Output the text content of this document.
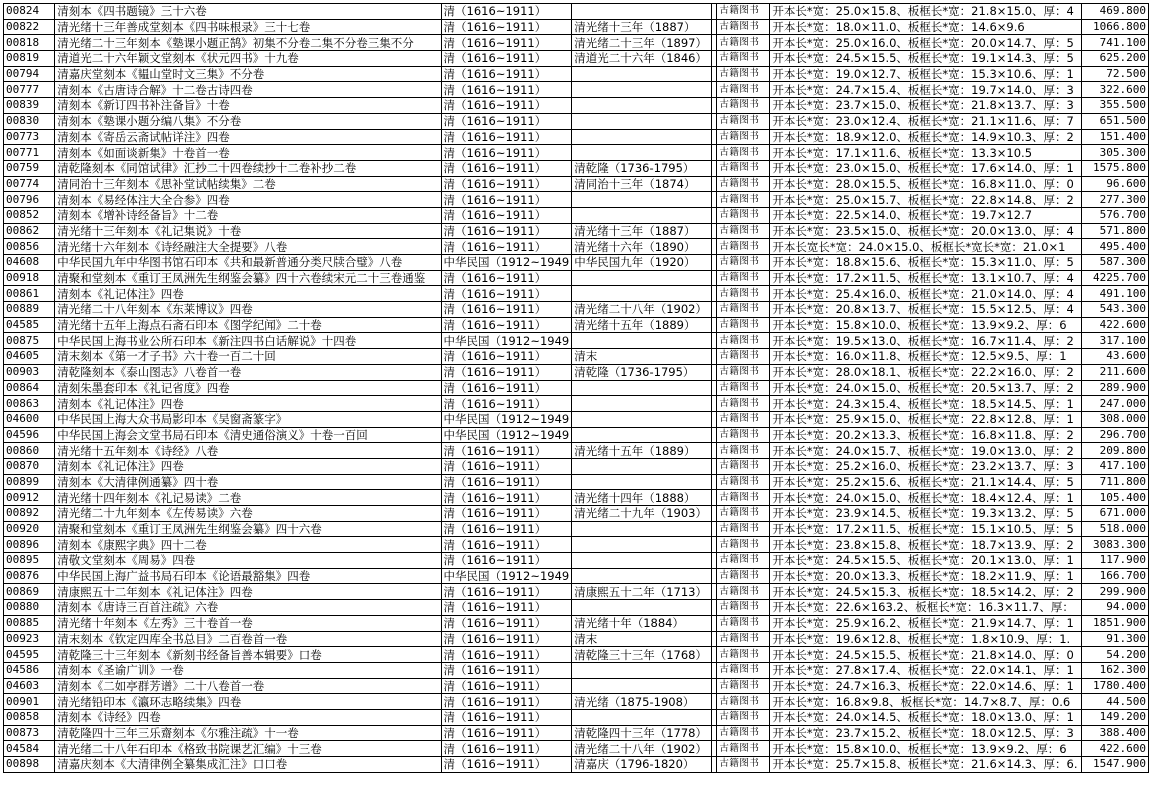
00824	清刻本《四书题镜》三十六卷	清（1616~1911）			古籍图书	开本长*宽：25.0×15.8、板框长*宽：21.8×15.0、厚：4	469.800
00822	清光绪十三年善成堂刻本《四书味根录》三十七卷	清（1616~1911）	清光绪十三年（1887）		古籍图书	开本长*宽：18.0×11.0、板框长*宽：14.6×9.6	1066.800
00818	清光绪二十三年刻本《塾课小题正鹄》初集不分卷二集不分卷三集不分	清（1616~1911）	清光绪二十三年（1897）		古籍图书	开本长*宽：25.0×16.0、板框长*宽：20.0×14.7、厚：5	741.100
00819	清道光二十六年颖文堂刻本《状元四书》十九卷	清（1616~1911）	清道光二十六年（1846）		古籍图书	开本长*宽：24.5×15.5、板框长*宽：19.1×14.3、厚：5	625.200
00794	清嘉庆堂刻本《韫山堂时文三集》不分卷	清（1616~1911）			古籍图书	开本长*宽：19.0×12.7、板框长*宽：15.3×10.6、厚：1	72.500
00777	清刻本《古唐诗合解》十二卷古诗四卷	清（1616~1911）			古籍图书	开本长*宽：24.7×15.4、板框长*宽：19.7×14.0、厚：3	322.600
00839	清刻本《新订四书补注备旨》十卷	清（1616~1911）			古籍图书	开本长*宽：23.7×15.0、板框长*宽：21.8×13.7、厚：3	355.500
00830	清刻本《塾课小题分编八集》不分卷	清（1616~1911）			古籍图书	开本长*宽：23.0×12.4、板框长*宽：21.1×11.6、厚：7	651.500
00773	清刻本《寄岳云斋试帖详注》四卷	清（1616~1911）			古籍图书	开本长*宽：18.9×12.0、板框长*宽：14.9×10.3、厚：2	151.400
00771	清刻本《如面谈新集》十卷首一卷	清（1616~1911）			古籍图书	开本长*宽：17.1×11.6、板框长*宽：13.3×10.5	305.300
00759	清乾隆刻本《同馆试律》汇抄二十四卷续抄十二卷补抄二卷	清（1616~1911）	清乾隆（1736-1795）		古籍图书	开本长*宽：23.0×15.0、板框长*宽：17.6×14.0、厚：1	1575.800
00774	清同治十三年刻本《思补堂试帖续集》二卷	清（1616~1911）	清同治十三年（1874）		古籍图书	开本长*宽：28.0×15.5、板框长*宽：16.8×11.0、厚：0	96.600
00796	清刻本《易经体注大全合参》四卷	清（1616~1911）			古籍图书	开本长*宽：25.0×15.7、板框长*宽：22.8×14.8、厚：2	277.300
00852	清刻本《增补诗经备旨》十二卷	清（1616~1911）			古籍图书	开本长*宽：22.5×14.0、板框长*宽：19.7×12.7	576.700
00862	清光绪十三年刻本《礼记集说》十卷	清（1616~1911）	清光绪十三年（1887）		古籍图书	开本长*宽：23.5×15.0、板框长*宽：20.0×13.0、厚：4	571.800
00856	清光绪十六年刻本《诗经融注大全提要》八卷	清（1616~1911）	清光绪十六年（1890）		古籍图书	开本长宽长*宽：24.0×15.0、板框长*宽长*宽：21.0×1	495.400
04608	中华民国九年中华图书馆石印本《共和最新普通分类尺牍合璧》八卷	中华民国（1912~1949	中华民国九年（1920）		古籍图书	开本长*宽：18.8×15.6、板框长*宽：15.3×11.0、厚：5	587.300
00918	清聚和堂刻本《重订王凤洲先生纲鉴会纂》四十六卷续宋元二十三卷通鉴	清（1616~1911）			古籍图书	开本长*宽：17.2×11.5、板框长*宽：13.1×10.7、厚：4	4225.700
00861	清刻本《礼记体注》四卷	清（1616~1911）			古籍图书	开本长*宽：25.4×16.0、板框长*宽：21.0×14.0、厚：4	491.100
00889	清光绪二十八年刻本《东莱博议》四卷	清（1616~1911）	清光绪二十八年（1902）		古籍图书	开本长*宽：20.8×13.7、板框长*宽：15.5×12.5、厚：4	543.300
04585	清光绪十五年上海点石斋石印本《图学纪闻》二十卷	清（1616~1911）	清光绪十五年（1889）		古籍图书	开本长*宽：15.8×10.0、板框长*宽：13.9×9.2、厚：6	422.600
00875	中华民国上海书业公所石印本《新注四书白话解说》十四卷	中华民国（1912~1949			古籍图书	开本长*宽：19.5×13.0、板框长*宽：16.7×11.4、厚：2	317.100
04605	清末刻本《第一才子书》六十卷一百二十回	清（1616~1911）	清末		古籍图书	开本长*宽：16.0×11.8、板框长*宽：12.5×9.5、厚：1	43.600
00903	清乾隆刻本《泰山图志》八卷首一卷	清（1616~1911）	清乾隆（1736-1795）		古籍图书	开本长*宽：28.0×18.1、板框长*宽：22.2×16.0、厚：2	211.600
00864	清刻朱墨套印本《礼记省度》四卷	清（1616~1911）			古籍图书	开本长*宽：24.0×15.0、板框长*宽：20.5×13.7、厚：2	289.900
00863	清刻本《礼记体注》四卷	清（1616~1911）			古籍图书	开本长*宽：24.3×15.4、板框长*宽：18.5×14.5、厚：1	247.000
04600	中华民国上海大众书局影印本《吴窗斋篆字》	中华民国（1912~1949			古籍图书	开本长*宽：25.9×15.0、板框长*宽：22.8×12.8、厚：1	308.000
04596	中华民国上海会文堂书局石印本《清史通俗演义》十卷一百回	中华民国（1912~1949			古籍图书	开本长*宽：20.2×13.3、板框长*宽：16.8×11.8、厚：2	296.700
00860	清光绪十五年刻本《诗经》八卷	清（1616~1911）	清光绪十五年（1889）		古籍图书	开本长*宽：24.0×15.7、板框长*宽：19.0×13.0、厚：2	209.800
00870	清刻本《礼记体注》四卷	清（1616~1911）			古籍图书	开本长*宽：25.2×16.0、板框长*宽：23.2×13.7、厚：3	417.100
00899	清刻本《大清律例通纂》四十卷	清（1616~1911）			古籍图书	开本长*宽：25.2×15.6、板框长*宽：21.1×14.4、厚：5	711.800
00912	清光绪十四年刻本《礼记易读》二卷	清（1616~1911）	清光绪十四年（1888）		古籍图书	开本长*宽：24.0×15.0、板框长*宽：18.4×12.4、厚：1	105.400
00892	清光绪二十九年刻本《左传易读》六卷	清（1616~1911）	清光绪二十九年（1903）		古籍图书	开本长*宽：23.9×14.5、板框长*宽：19.3×13.2、厚：5	671.000
00920	清聚和堂刻本《重订王凤洲先生纲鉴会纂》四十六卷	清（1616~1911）			古籍图书	开本长*宽：17.2×11.5、板框长*宽：15.1×10.5、厚：5	518.000
00896	清刻本《康熙字典》四十二卷	清（1616~1911）			古籍图书	开本长*宽：23.8×15.8、板框长*宽：18.7×13.9、厚：2	3083.300
00895	清敬文堂刻本《周易》四卷	清（1616~1911）			古籍图书	开本长*宽：24.5×15.5、板框长*宽：20.1×13.0、厚：1	117.900
00876	中华民国上海广益书局石印本《论语最豁集》四卷	中华民国（1912~1949			古籍图书	开本长*宽：20.0×13.3、板框长*宽：18.2×11.9、厚：1	166.700
00869	清康熙五十二年刻本《礼记体注》四卷	清（1616~1911）	清康熙五十二年（1713）		古籍图书	开本长*宽：24.5×15.3、板框长*宽：18.5×14.2、厚：2	299.900
00880	清刻本《唐诗三百首注疏》六卷	清（1616~1911）			古籍图书	开本长*宽：22.6×163.2、板框长*宽：16.3×11.7、厚：	94.000
00885	清光绪十年刻本《左秀》三十卷首一卷	清（1616~1911）	清光绪十年（1884）		古籍图书	开本长*宽：25.9×16.2、板框长*宽：21.9×14.7、厚：1	1851.900
00923	清末刻本《钦定四库全书总目》二百卷首一卷	清（1616~1911）	清末		古籍图书	开本长*宽：19.6×12.8、板框长*宽：1.8×10.9、厚：1.	91.300
04595	清乾隆三十三年刻本《新刻书经备旨善本辑要》口卷	清（1616~1911）	清乾隆三十三年（1768）		古籍图书	开本长*宽：24.5×15.5、板框长*宽：21.8×14.0、厚：0	54.200
04586	清刻本《圣谕广训》一卷	清（1616~1911）			古籍图书	开本长*宽：27.8×17.4、板框长*宽：22.0×14.1、厚：1	162.300
04603	清刻本《二如亭群芳谱》二十八卷首一卷	清（1616~1911）			古籍图书	开本长*宽：24.7×16.3、板框长*宽：22.0×14.6、厚：1	1780.400
00901	清光绪铅印本《瀛环志略续集》四卷	清（1616~1911）	清光绪（1875-1908）		古籍图书	开本长*宽：16.8×9.8、板框长*宽：14.7×8.7、厚：0.6	44.500
00858	清刻本《诗经》四卷	清（1616~1911）			古籍图书	开本长*宽：24.0×14.5、板框长*宽：18.0×13.0、厚：1	149.200
00873	清乾隆四十三年三乐齋刻本《尔雅注疏》十一卷	清（1616~1911）	清乾隆四十三年（1778）		古籍图书	开本长*宽：23.7×15.2、板框长*宽：18.0×12.5、厚：3	388.400
04584	清光绪二十八年石印本《格致书院课艺汇编》十三卷	清（1616~1911）	清光绪二十八年（1902）		古籍图书	开本长*宽：15.8×10.0、板框长*宽：13.9×9.2、厚：6	422.600
00898	清嘉庆刻本《大清律例全纂集成汇注》口口卷	清（1616~1911）	清嘉庆（1796-1820）		古籍图书	开本长*宽：25.7×15.8、板框长*宽：21.6×14.3、厚：6.	1547.900
